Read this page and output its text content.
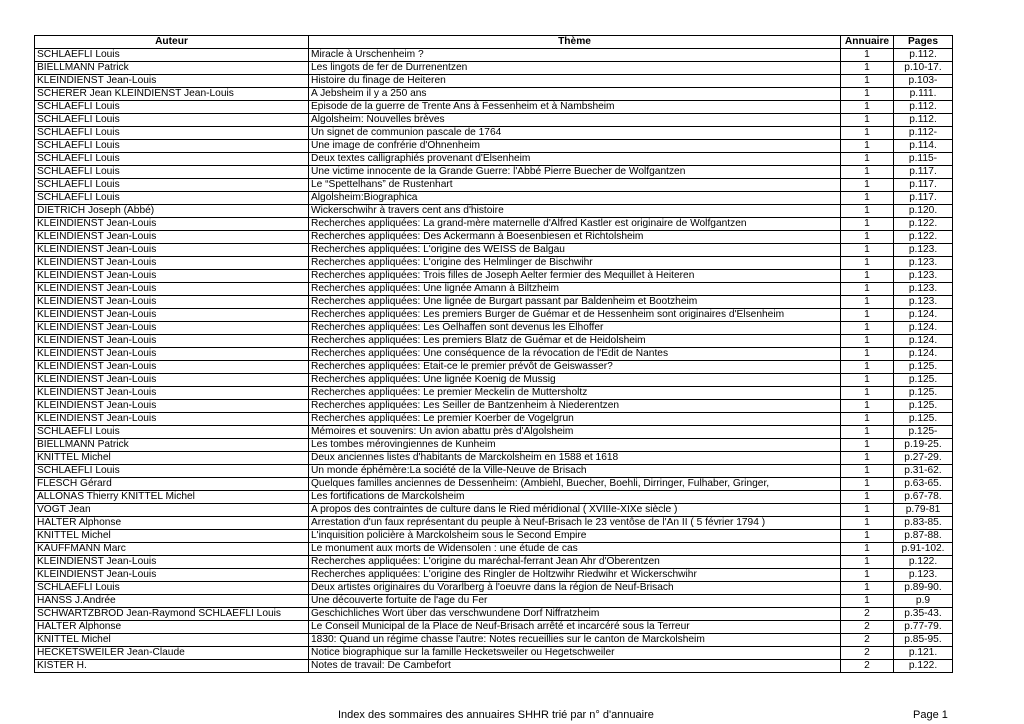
Auteur	Thème	Annuaire	Pages
SCHLAEFLI Louis	Miracle à Urschenheim ?	1	p.112.
BIELLMANN Patrick	Les lingots de fer de Durrenentzen	1	p.10-17.
KLEINDIENST Jean-Louis	Histoire du finage de Heiteren	1	p.103-
SCHERER Jean KLEINDIENST Jean-Louis	A Jebsheim il y a 250 ans	1	p.111.
SCHLAEFLI Louis	Episode de la guerre de Trente Ans à Fessenheim et à Nambsheim	1	p.112.
SCHLAEFLI Louis	Algolsheim: Nouvelles brèves	1	p.112.
SCHLAEFLI Louis	Un signet de communion pascale de 1764	1	p.112-
SCHLAEFLI Louis	Une image de confrérie d'Ohnenheim	1	p.114.
SCHLAEFLI Louis	Deux textes calligraphiés provenant d'Elsenheim	1	p.115-
SCHLAEFLI Louis	Une victime innocente de la Grande Guerre: l'Abbé Pierre Buecher de Wolfgantzen	1	p.117.
SCHLAEFLI Louis	Le “Spettelhans” de Rustenhart	1	p.117.
SCHLAEFLI Louis	Algolsheim:Biographica	1	p.117.
DIETRICH Joseph (Abbé)	Wickerschwihr à travers cent ans d'histoire	1	p.120.
KLEINDIENST Jean-Louis	Recherches appliquées: La grand-mère maternelle d'Alfred Kastler est originaire de Wolfgantzen	1	p.122.
KLEINDIENST Jean-Louis	Recherches appliquées: Des Ackermann à Boesenbiesen et Richtolsheim	1	p.122.
KLEINDIENST Jean-Louis	Recherches appliquées: L'origine des WEISS de Balgau	1	p.123.
KLEINDIENST Jean-Louis	Recherches appliquées: L'origine des Helmlinger de Bischwihr	1	p.123.
KLEINDIENST Jean-Louis	Recherches appliquées: Trois filles de Joseph Aelter fermier des Mequillet à Heiteren	1	p.123.
KLEINDIENST Jean-Louis	Recherches appliquées: Une lignée Amann à Biltzheim	1	p.123.
KLEINDIENST Jean-Louis	Recherches appliquées: Une lignée de Burgart passant par Baldenheim et Bootzheim	1	p.123.
KLEINDIENST Jean-Louis	Recherches appliquées: Les premiers Burger de Guémar et de Hessenheim sont originaires d'Elsenheim	1	p.124.
KLEINDIENST Jean-Louis	Recherches appliquées: Les Oelhaffen sont devenus les Elhoffer	1	p.124.
KLEINDIENST Jean-Louis	Recherches appliquées: Les premiers Blatz de Guémar et de Heidolsheim	1	p.124.
KLEINDIENST Jean-Louis	Recherches appliquées: Une conséquence de la révocation de l'Edit de Nantes	1	p.124.
KLEINDIENST Jean-Louis	Recherches appliquées: Etait-ce le premier prévôt de Geiswasser?	1	p.125.
KLEINDIENST Jean-Louis	Recherches appliquées: Une lignée Koenig de Mussig	1	p.125.
KLEINDIENST Jean-Louis	Recherches appliquées: Le premier Meckelin de Muttersholtz	1	p.125.
KLEINDIENST Jean-Louis	Recherches appliquées: Les Seiller de Bantzenheim à Niederentzen	1	p.125.
KLEINDIENST Jean-Louis	Recherches appliquées: Le premier Koerber de Vogelgrun	1	p.125.
SCHLAEFLI Louis	Mémoires et souvenirs: Un avion abattu près d'Algolsheim	1	p.125-
BIELLMANN Patrick	Les tombes mérovingiennes de Kunheim	1	p.19-25.
KNITTEL Michel	Deux anciennes listes d'habitants de Marckolsheim en 1588 et 1618	1	p.27-29.
SCHLAEFLI Louis	Un monde éphémère:La société de la Ville-Neuve de Brisach	1	p.31-62.
FLESCH Gérard	Quelques familles anciennes de Dessenheim: (Ambiehl, Buecher, Boehli, Dirringer, Fulhaber, Gringer,	1	p.63-65.
ALLONAS Thierry KNITTEL Michel	Les fortifications de Marckolsheim	1	p.67-78.
VOGT Jean	A propos des contraintes de culture dans le Ried méridional ( XVIIIe-XIXe siècle )	1	p.79-81
HALTER Alphonse	Arrestation d'un faux représentant du peuple à Neuf-Brisach le 23 ventôse de l'An II ( 5 février 1794 )	1	p.83-85.
KNITTEL Michel	L'inquisition policière à Marckolsheim sous le Second Empire	1	p.87-88.
KAUFFMANN Marc	Le monument aux morts de Widensolen : une étude de cas	1	p.91-102.
KLEINDIENST Jean-Louis	Recherches appliquées: L'origine du maréchal-ferrant Jean Ahr d'Oberentzen	1	p.122.
KLEINDIENST Jean-Louis	Recherches appliquées: L'origine des Ringler de Holtzwihr Riedwihr et Wickerschwihr	1	p.123.
SCHLAEFLI Louis	Deux artistes originaires du Vorarlberg à l'oeuvre dans la région de Neuf-Brisach	1	p.89-90.
HANSS J.Andrée	Une découverte fortuite de l'age du Fer	1	p.9
SCHWARTZBROD Jean-Raymond SCHLAEFLI Louis	Geschichliches Wort über das verschwundene Dorf Niffratzheim	2	p.35-43.
HALTER Alphonse	Le Conseil Municipal de la Place de Neuf-Brisach arrêté et incarcéré sous la Terreur	2	p.77-79.
KNITTEL Michel	1830: Quand un régime chasse l'autre: Notes recueillies sur le canton de Marckolsheim	2	p.85-95.
HECKETSWEILER Jean-Claude	Notice biographique sur la famille Hecketsweiler ou Hegetschweiler	2	p.121.
KISTER H.	Notes de travail: De Cambefort	2	p.122.
Index des sommaires des annuaires SHHR trié par n° d'annuaire	Page 1
